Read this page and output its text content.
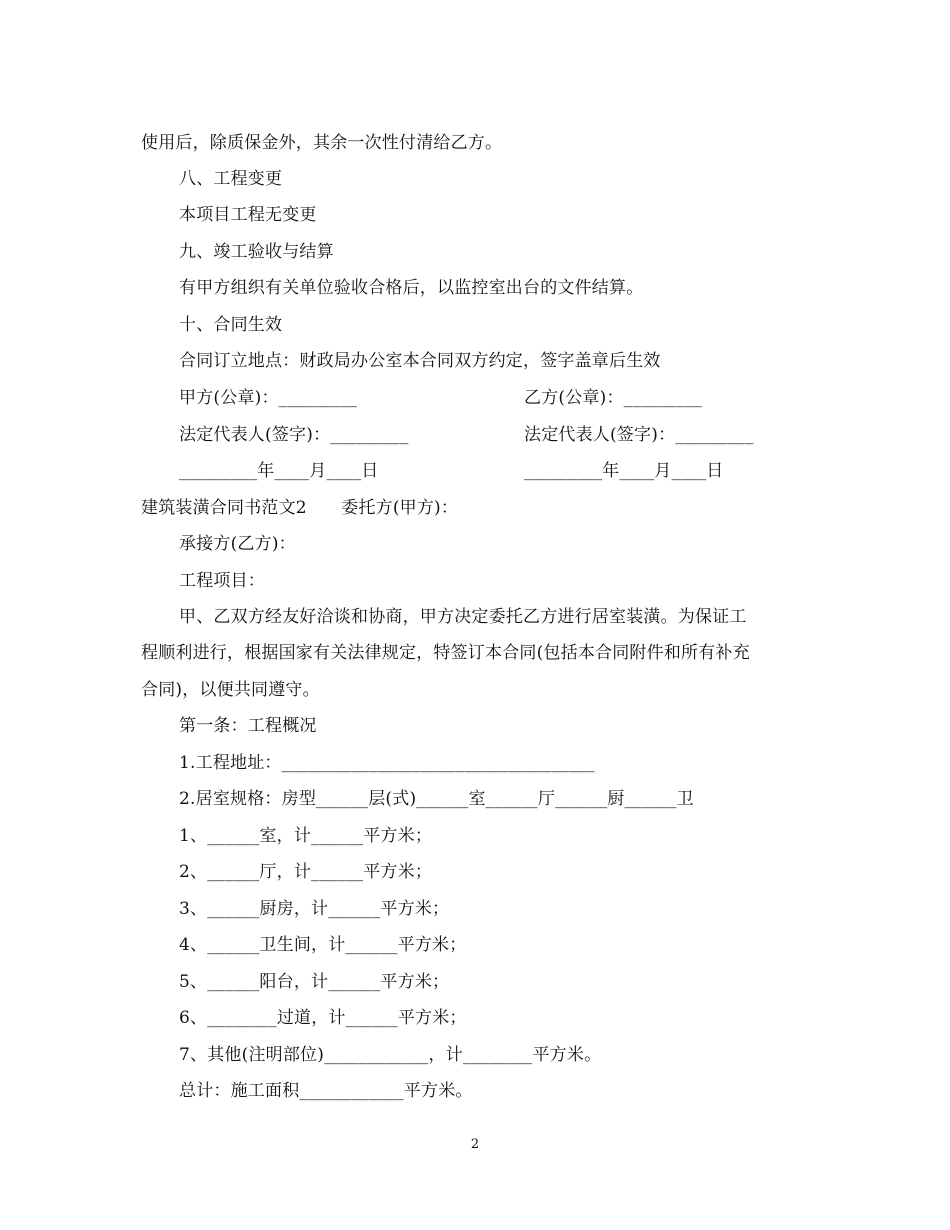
使用后，除质保金外，其余一次性付清给乙方。
八、工程变更
本项目工程无变更
九、竣工验收与结算
有甲方组织有关单位验收合格后，以监控室出台的文件结算。
十、合同生效
合同订立地点：财政局办公室本合同双方约定，签字盖章后生效
甲方(公章)：_________	乙方(公章)：_________
法定代表人(签字)：_________	法定代表人(签字)：_________
_________年____月____日	_________年____月____日
建筑装潢合同书范文2　　委托方(甲方)：
承接方(乙方)：
工程项目：
甲、乙双方经友好洽谈和协商，甲方决定委托乙方进行居室装潢。为保证工
程顺利进行，根据国家有关法律规定，特签订本合同(包括本合同附件和所有补充
合同)，以便共同遵守。
第一条：工程概况
1.工程地址：____________________________________
2.居室规格：房型______层(式)______室______厅______厨______卫
1、______室，计______平方米；
2、______厅，计______平方米；
3、______厨房，计______平方米；
4、______卫生间，计______平方米；
5、______阳台，计______平方米；
6、________过道，计______平方米；
7、其他(注明部位)____________，计________平方米。
总计：施工面积____________平方米。
2
